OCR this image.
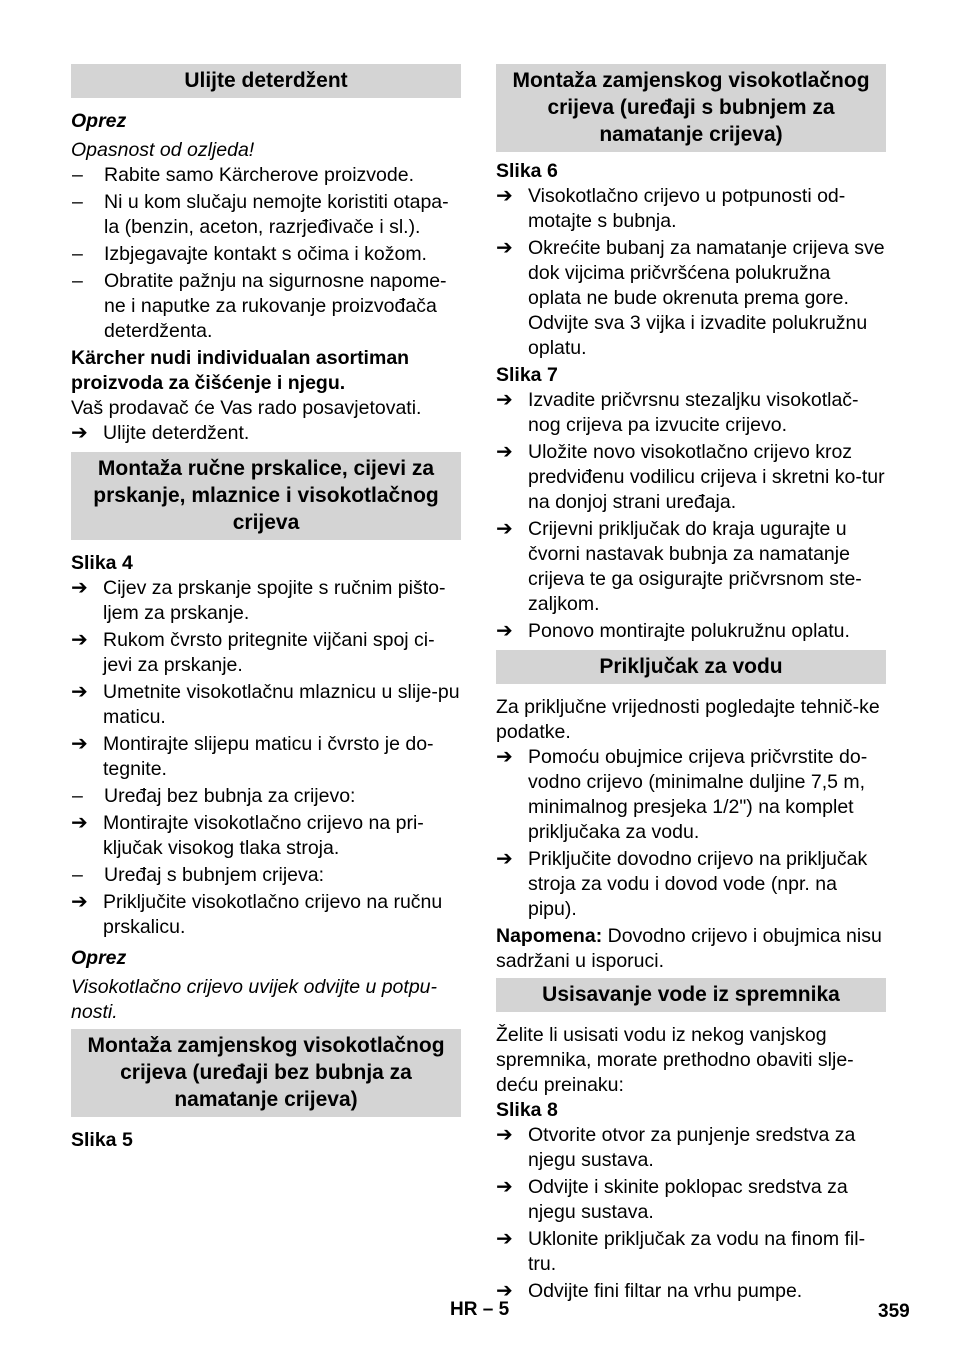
Ulijte deterdžent

Oprez

Opasnost od ozljeda!

–	Rabite samo Kärcherove proizvode.
–	Ni u kom slučaju nemojte koristiti otapa-la (benzin, aceton, razrjeđivače i sl.).
–	Izbjegavajte kontakt s očima i kožom.
–	Obratite pažnju na sigurnosne napome-ne i naputke za rukovanje proizvođača deterdženta.

Kärcher nudi individualan asortiman proizvoda za čišćenje i njegu.

Vaš prodavač će Vas rado posavjetovati.

➔ Ulijte deterdžent.
Montaža ručne prskalice, cijevi za prskanje, mlaznice i visokotlačnog crijeva

Slika 4

➔ Cijev za prskanje spojite s ručnim pišto-ljem za prskanje.
➔ Rukom čvrsto pritegnite vijčani spoj ci-jevi za prskanje.
➔ Umetnite visokotlačnu mlaznicu u slije-pu maticu.
➔ Montirajte slijepu maticu i čvrsto je do-tegnite.
–	Uređaj bez bubnja za crijevo:
➔ Montirajte visokotlačno crijevo na pri-ključak visokog tlaka stroja.
–	Uređaj s bubnjem crijeva:
➔ Priključite visokotlačno crijevo na ručnu prskalicu.

Oprez

Visokotlačno crijevo uvijek odvijte u potpu-nosti.

Montaža zamjenskog visokotlačnog crijeva (uređaji bez bubnja za namatanje crijeva)

Slika 5

Montaža zamjenskog visokotlačnog crijeva (uređaji s bubnjem za namatanje crijeva)

Slika 6

➔ Visokotlačno crijevo u potpunosti od-motajte s bubnja.
➔ Okrećite bubanj za namatanje crijeva sve dok vijcima pričvršćena polukružna oplata ne bude okrenuta prema gore. Odvijte sva 3 vijka i izvadite polukružnu oplatu.

Slika 7

➔ Izvadite pričvrsnu stezaljku visokotlač-nog crijeva pa izvucite crijevo.
➔ Uložite novo visokotlačno crijevo kroz predviđenu vodilicu crijeva i skretni ko-tur na donjoj strani uređaja.
➔ Crijevni priključak do kraja ugurajte u čvorni nastavak bubnja za namatanje crijeva te ga osigurajte pričvrsnom ste-zaljkom.
➔ Ponovo montirajte polukružnu oplatu.
Priključak za vodu

Za priključne vrijednosti pogledajte tehnič-ke podatke.

➔ Pomoću obujmice crijeva pričvrstite do-vodno crijevo (minimalne duljine 7,5 m, minimalnog presjeka 1/2") na komplet priključaka za vodu.
➔ Priključite dovodno crijevo na priključak stroja za vodu i dovod vode (npr. na pipu).

Napomena: Dovodno crijevo i obujmica nisu sadržani u isporuci.

Usisavanje vode iz spremnika

Želite li usisati vodu iz nekog vanjskog spremnika, morate prethodno obaviti slje-deću preinaku:

Slika 8

➔ Otvorite otvor za punjenje sredstva za njegu sustava.
➔ Odvijte i skinite poklopac sredstva za njegu sustava.
➔ Uklonite priključak za vodu na finom fil-tru.
➔ Odvijte fini filtar na vrhu pumpe.
HR – 5	359
